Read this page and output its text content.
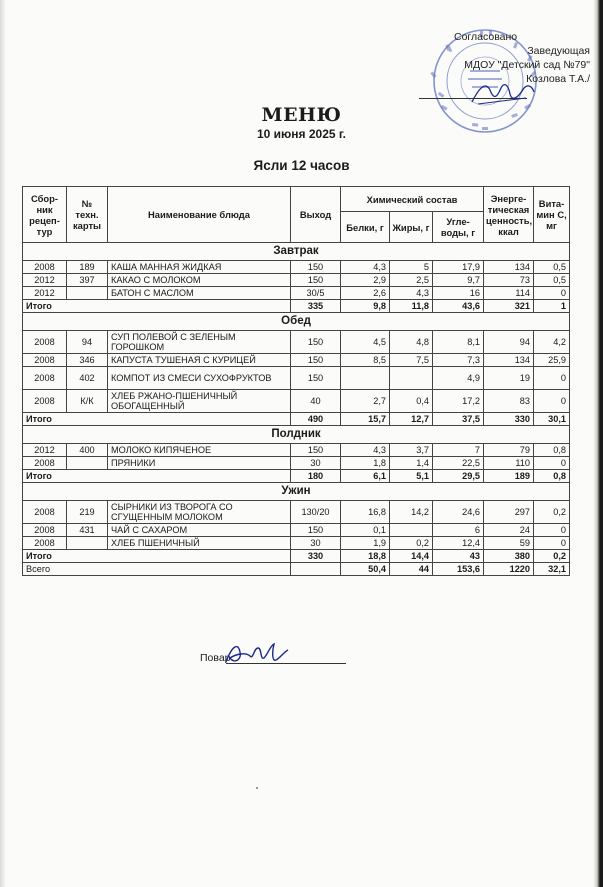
Согласовано
Заведующая
МДОУ "Детский сад №79"
Козлова Т.А./
МЕНЮ
10 июня 2025 г.
Ясли 12 часов
Сбор-ник рецеп-тур	№ техн. карты	Наименование блюда	Выход	Химический состав			Энерге-тическая ценность, ккал	Вита-мин С, мг
				Белки, г	Жиры, г	Угле-воды, г		
Завтрак								
2008	189	КАША МАННАЯ ЖИДКАЯ	150	4,3	5	17,9	134	0,5
2012	397	КАКАО С МОЛОКОМ	150	2,9	2,5	9,7	73	0,5
2012		БАТОН С МАСЛОМ	30/5	2,6	4,3	16	114	0
Итого			335	9,8	11,8	43,6	321	1
Обед								
2008	94	СУП ПОЛЕВОЙ С ЗЕЛЕНЫМ ГОРОШКОМ	150	4,5	4,8	8,1	94	4,2
2008	346	КАПУСТА ТУШЕНАЯ С КУРИЦЕЙ	150	8,5	7,5	7,3	134	25,9
2008	402	КОМПОТ ИЗ СМЕСИ СУХОФРУКТОВ	150			4,9	19	0
2008	К/К	ХЛЕБ РЖАНО-ПШЕНИЧНЫЙ ОБОГАЩЕННЫЙ	40	2,7	0,4	17,2	83	0
Итого			490	15,7	12,7	37,5	330	30,1
Полдник								
2012	400	МОЛОКО КИПЯЧЕНОЕ	150	4,3	3,7	7	79	0,8
2008		ПРЯНИКИ	30	1,8	1,4	22,5	110	0
Итого			180	6,1	5,1	29,5	189	0,8
Ужин								
2008	219	СЫРНИКИ ИЗ ТВОРОГА СО СГУЩЕННЫМ МОЛОКОМ	130/20	16,8	14,2	24,6	297	0,2
2008	431	ЧАЙ С САХАРОМ	150	0,1		6	24	0
2008		ХЛЕБ ПШЕНИЧНЫЙ	30	1,9	0,2	12,4	59	0
Итого			330	18,8	14,4	43	380	0,2
Всего				50,4	44	153,6	1220	32,1
Повар
